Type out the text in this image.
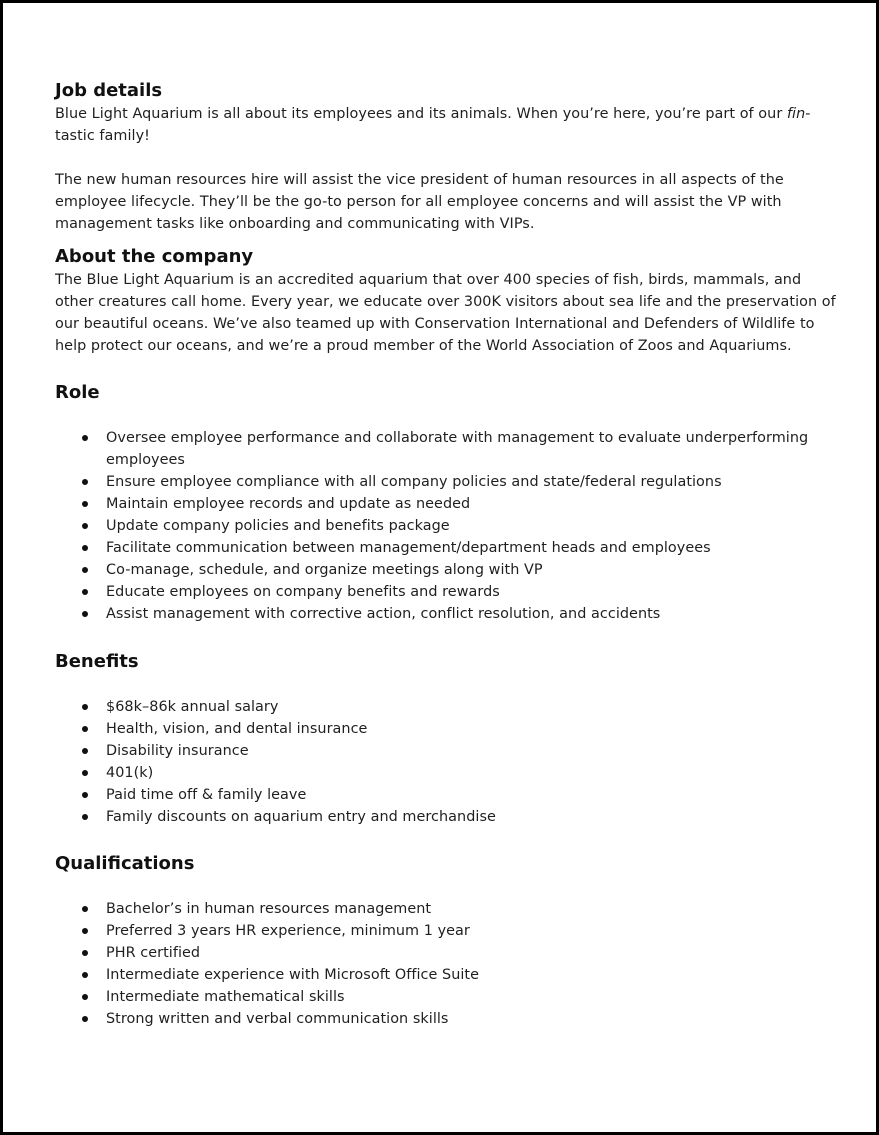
Job details

Blue Light Aquarium is all about its employees and its animals. When you’re here, you’re part of our fin-tastic family!

The new human resources hire will assist the vice president of human resources in all aspects of the employee lifecycle. They’ll be the go-to person for all employee concerns and will assist the VP with management tasks like onboarding and communicating with VIPs.

About the company

The Blue Light Aquarium is an accredited aquarium that over 400 species of fish, birds, mammals, and other creatures call home. Every year, we educate over 300K visitors about sea life and the preservation of our beautiful oceans. We’ve also teamed up with Conservation International and Defenders of Wildlife to help protect our oceans, and we’re a proud member of the World Association of Zoos and Aquariums.

Role
Oversee employee performance and collaborate with management to evaluate underperforming employees
Ensure employee compliance with all company policies and state/federal regulations
Maintain employee records and update as needed
Update company policies and benefits package
Facilitate communication between management/department heads and employees
Co-manage, schedule, and organize meetings along with VP
Educate employees on company benefits and rewards
Assist management with corrective action, conflict resolution, and accidents
Benefits
$68k–86k annual salary
Health, vision, and dental insurance
Disability insurance
401(k)
Paid time off & family leave
Family discounts on aquarium entry and merchandise
Qualifications
Bachelor’s in human resources management
Preferred 3 years HR experience, minimum 1 year
PHR certified
Intermediate experience with Microsoft Office Suite
Intermediate mathematical skills
Strong written and verbal communication skills
